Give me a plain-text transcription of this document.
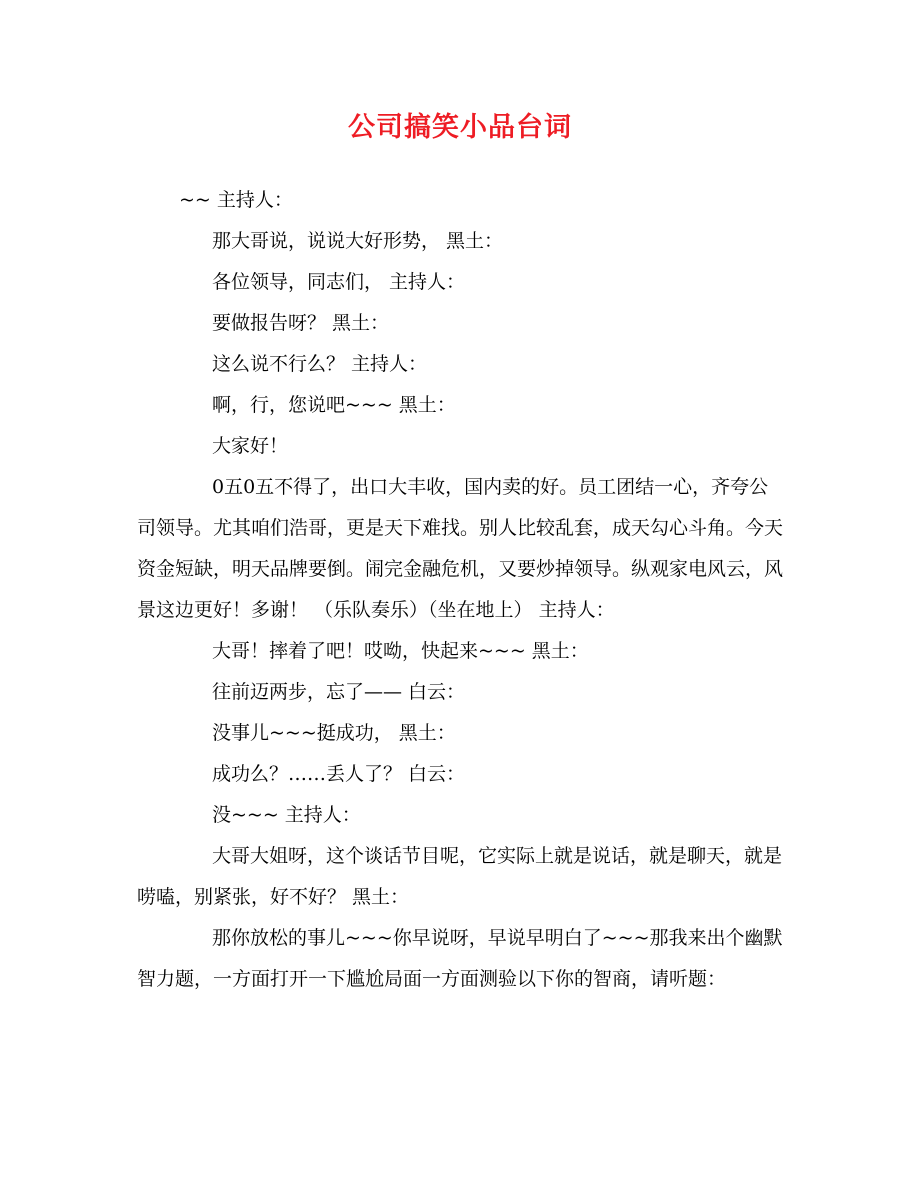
公司搞笑小品台词

~~ 主持人：

那大哥说，说说大好形势， 黑土：

各位领导，同志们， 主持人：

要做报告呀？ 黑土：

这么说不行么？ 主持人：

啊，行，您说吧~~~ 黑土：

大家好！

0五0五不得了，出口大丰收，国内卖的好。员工团结一心，齐夸公司领导。尤其咱们浩哥，更是天下难找。别人比较乱套，成天勾心斗角。今天资金短缺，明天品牌要倒。闹完金融危机，又要炒掉领导。纵观家电风云，风景这边更好！多谢！ （乐队奏乐）（坐在地上） 主持人：

大哥！摔着了吧！哎呦，快起来~~~ 黑土：

往前迈两步，忘了—— 白云：

没事儿~~~挺成功， 黑土：

成功么？……丢人了？ 白云：

没~~~ 主持人：

大哥大姐呀，这个谈话节目呢，它实际上就是说话，就是聊天，就是唠嗑，别紧张，好不好？ 黑土：

那你放松的事儿~~~你早说呀，早说早明白了~~~那我来出个幽默智力题，一方面打开一下尴尬局面一方面测验以下你的智商，请听题：
